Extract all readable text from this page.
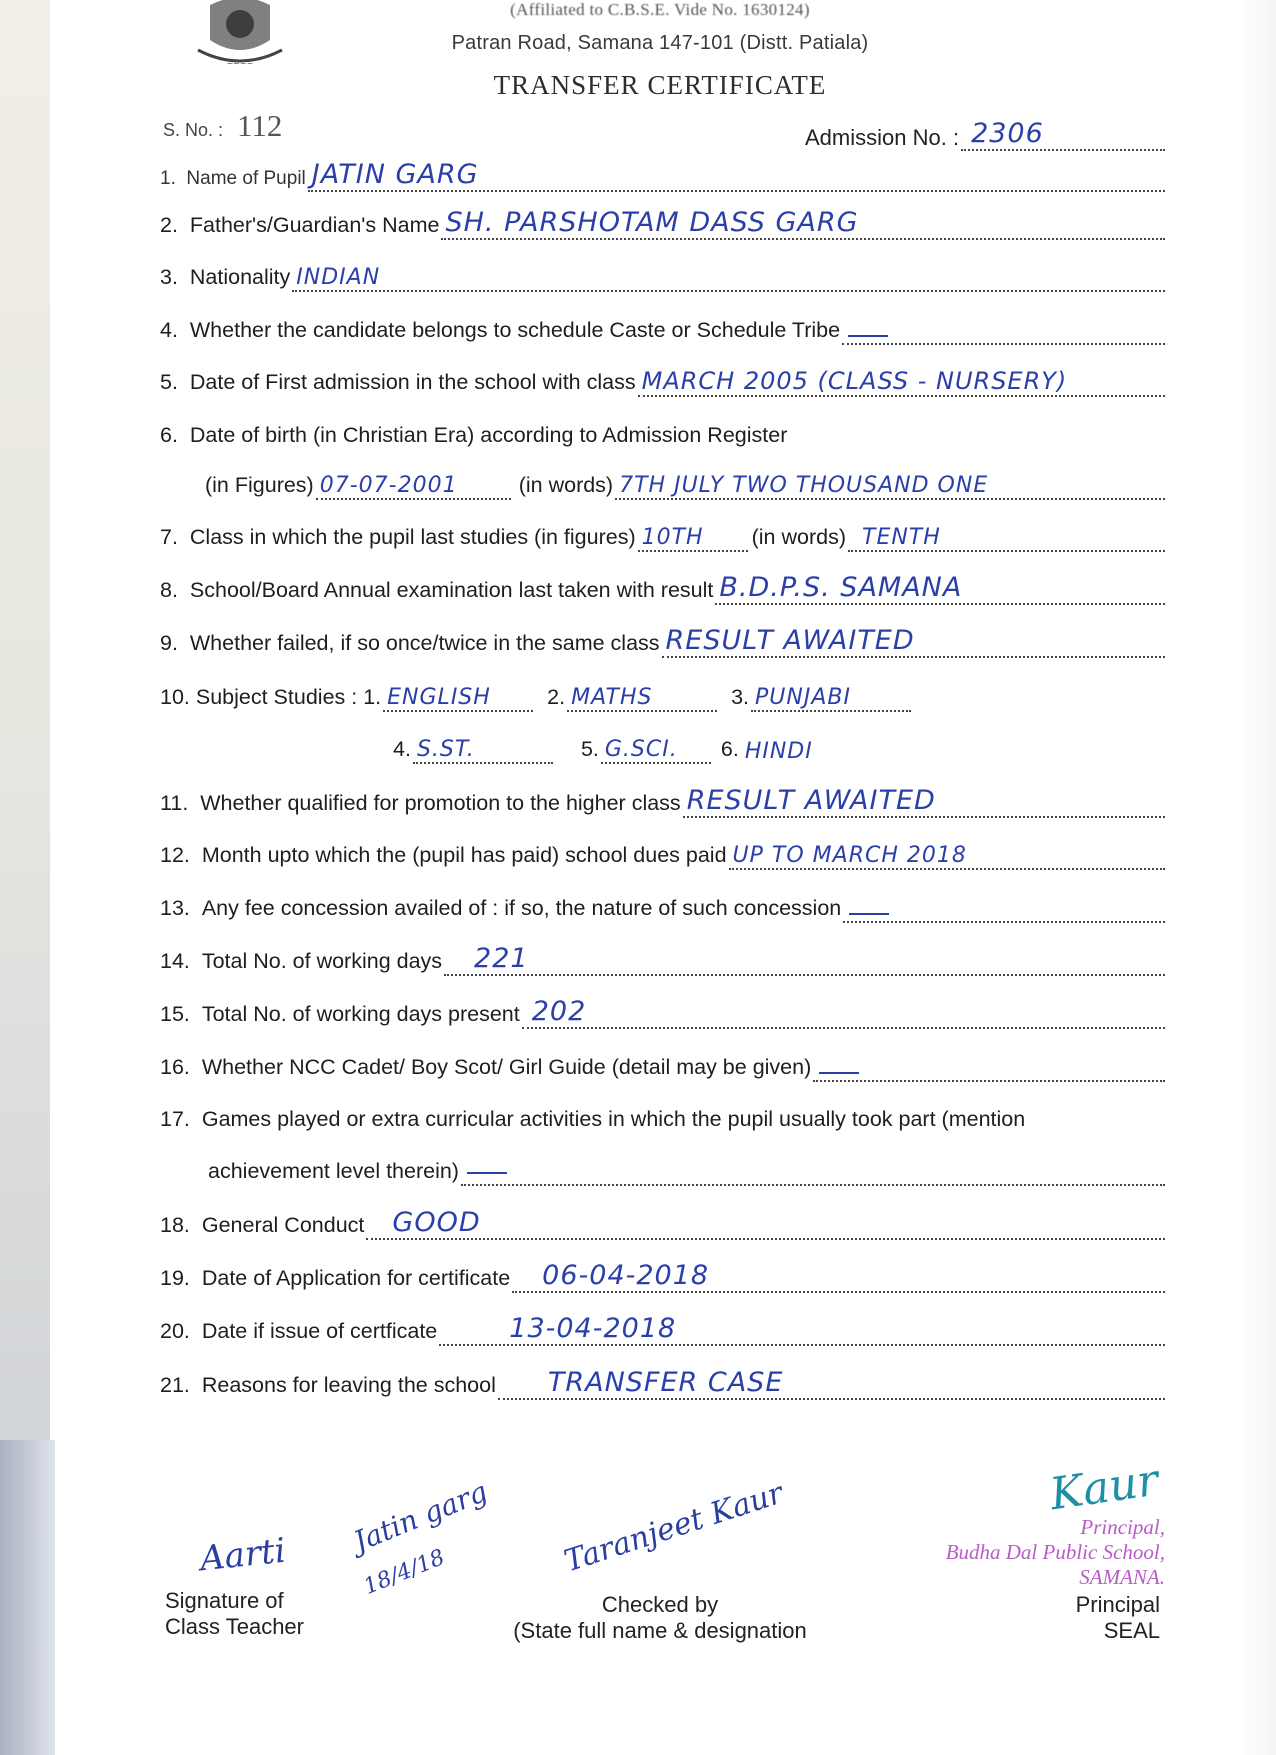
~~~~
(Affiliated to C.B.S.E. Vide No. 1630124)
Patran Road, Samana 147-101 (Distt. Patiala)
TRANSFER CERTIFICATE
S. No. : 112	Admission No. : 2306
1. Name of Pupil JATIN GARG
2. Father's/Guardian's Name SH. PARSHOTAM DASS GARG
3. Nationality INDIAN
4. Whether the candidate belongs to schedule Caste or Schedule Tribe
5. Date of First admission in the school with class MARCH 2005 (CLASS - NURSERY)
6. Date of birth (in Christian Era) according to Admission Register
(in Figures) 07-07-2001	(in words) 7TH JULY TWO THOUSAND ONE
7. Class in which the pupil last studies (in figures) 10TH (in words) TENTH
8. School/Board Annual examination last taken with result B.D.P.S. SAMANA
9. Whether failed, if so once/twice in the same class RESULT AWAITED
10. Subject Studies : 1. ENGLISH	2. MATHS	3. PUNJABI
4. S.ST.	5. G.SCI. 6. HINDI
11. Whether qualified for promotion to the higher class RESULT AWAITED
12. Month upto which the (pupil has paid) school dues paid UP TO MARCH 2018
13. Any fee concession availed of : if so, the nature of such concession
14. Total No. of working days 221
15. Total No. of working days present 202
16. Whether NCC Cadet/ Boy Scot/ Girl Guide (detail may be given)
17. Games played or extra curricular activities in which the pupil usually took part (mention
achievement level therein)
18. General Conduct GOOD
19. Date of Application for certificate 06-04-2018
20. Date if issue of certficate	13-04-2018
21. Reasons for leaving the school TRANSFER CASE
Aarti Jatin garg
18/4/18	Taranjeet Kaur	Kaur
Signature of
Class Teacher
Checked by
(State full name & designation
Principal,
Budha Dal Public School,
SAMANA.
Principal
SEAL
